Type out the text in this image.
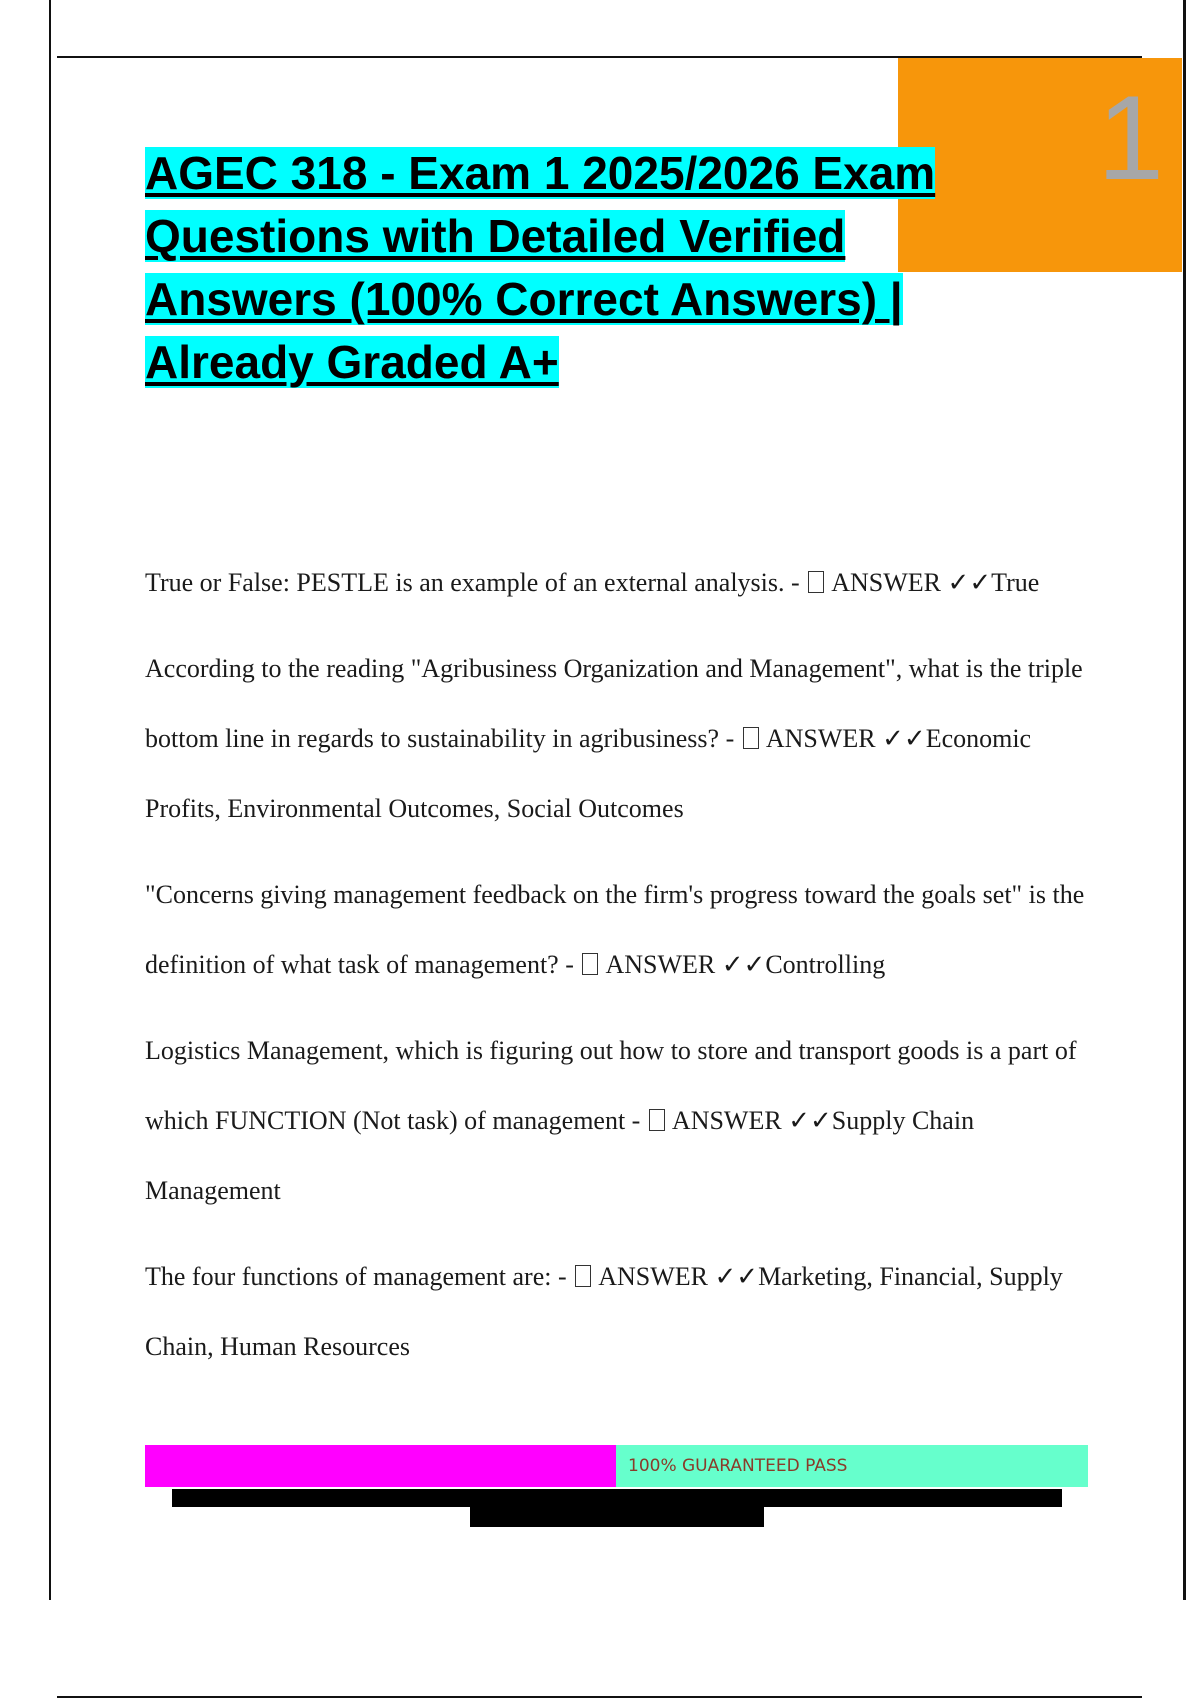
1
AGEC 318 - Exam 1 2025/2026 Exam
Questions with Detailed Verified
Answers (100% Correct Answers) |
Already Graded A+

True or False: PESTLE is an example of an external analysis. - ANSWER ✓✓True

According to the reading "Agribusiness Organization and Management", what is the triple bottom line in regards to sustainability in agribusiness? - ANSWER ✓✓Economic Profits, Environmental Outcomes, Social Outcomes

"Concerns giving management feedback on the firm's progress toward the goals set" is the definition of what task of management? - ANSWER ✓✓Controlling

Logistics Management, which is figuring out how to store and transport goods is a part of which FUNCTION (Not task) of management - ANSWER ✓✓Supply Chain Management

The four functions of management are: - ANSWER ✓✓Marketing, Financial, Supply Chain, Human Resources

100% GUARANTEED PASS
